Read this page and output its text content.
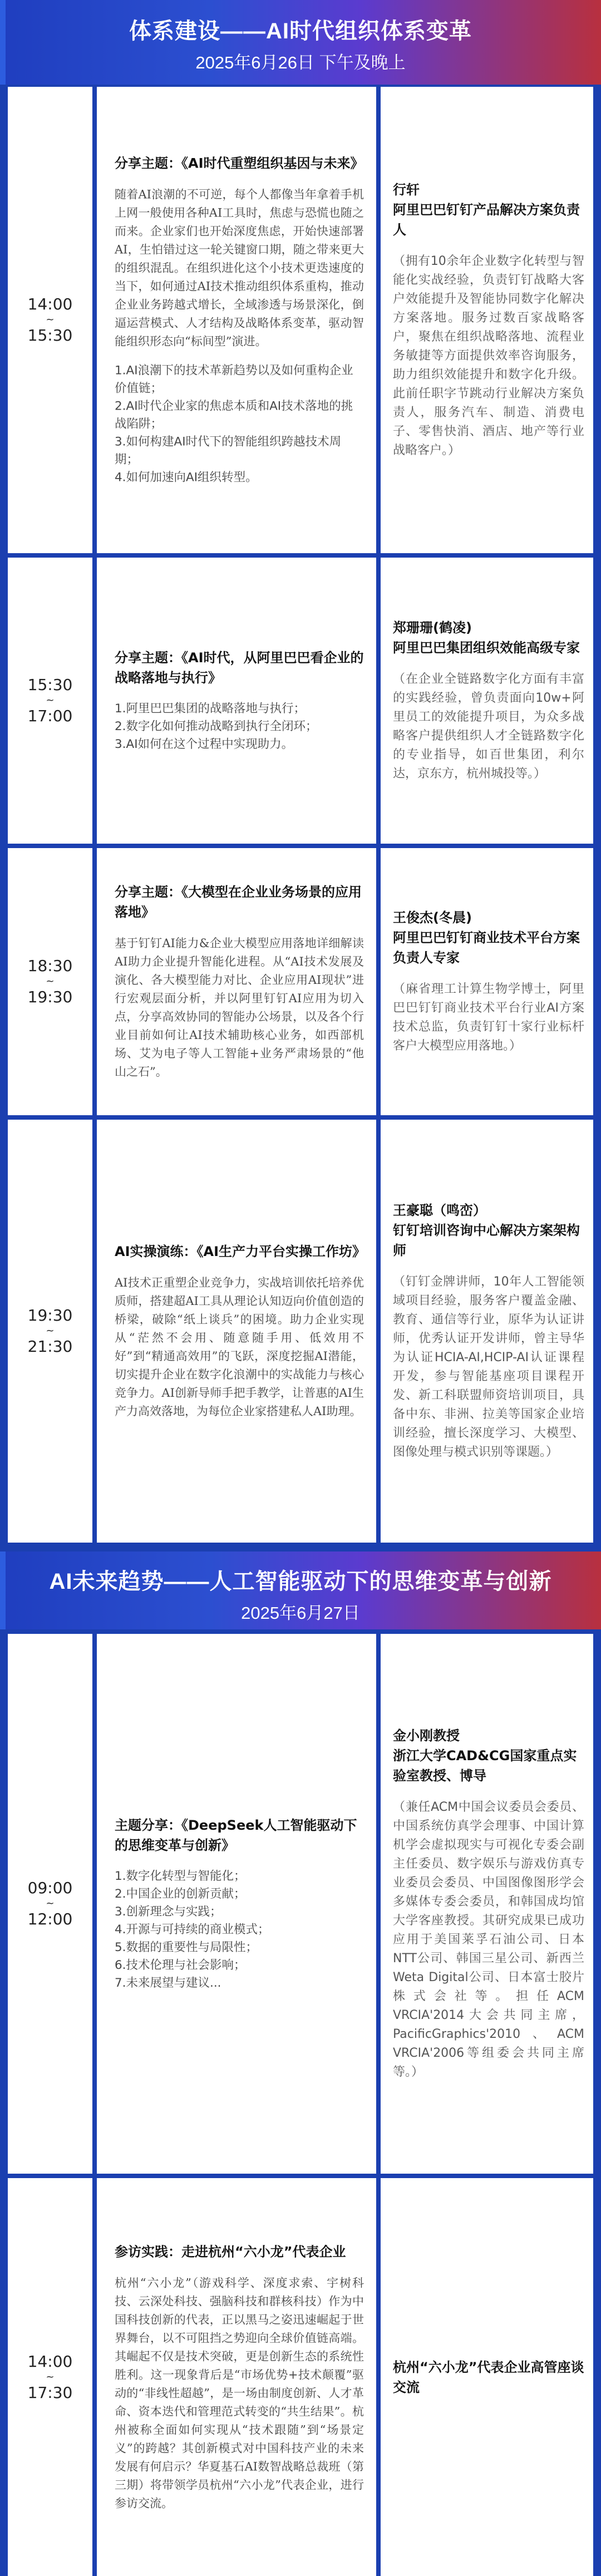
体系建设——AI时代组织体系变革
2025年6月26日 下午及晚上
14:00
~
15:30

分享主题：《AI时代重塑组织基因与未来》

随着AI浪潮的不可逆，每个人都像当年拿着手机上网一般使用各种AI工具时，焦虑与恐慌也随之而来。企业家们也开始深度焦虑，开始快速部署AI，生怕错过这一轮关键窗口期，随之带来更大的组织混乱。在组织进化这个小技术更迭速度的当下，如何通过AI技术推动组织体系重构，推动企业业务跨越式增长，全域渗透与场景深化，倒逼运营模式、人才结构及战略体系变革，驱动智能组织形态向“标间型”演进。

1.AI浪潮下的技术革新趋势以及如何重构企业价值链；
2.AI时代企业家的焦虑本质和AI技术落地的挑战陷阱；
3.如何构建AI时代下的智能组织跨越技术周期；
4.如何加速向AI组织转型。
行轩
阿里巴巴钉钉产品解决方案负责人
（拥有10余年企业数字化转型与智能化实战经验，负责钉钉战略大客户效能提升及智能协同数字化解决方案落地。服务过数百家战略客户，聚焦在组织战略落地、流程业务敏捷等方面提供效率咨询服务，助力组织效能提升和数字化升级。此前任职字节跳动行业解决方案负责人，服务汽车、制造、消费电子、零售快消、酒店、地产等行业战略客户。）
15:30
~
17:00

分享主题：《AI时代，从阿里巴巴看企业的战略落地与执行》

1.阿里巴巴集团的战略落地与执行；
2.数字化如何推动战略到执行全闭环；
3.AI如何在这个过程中实现助力。
郑珊珊(鹤凌)
阿里巴巴集团组织效能高级专家
（在企业全链路数字化方面有丰富的实践经验，曾负责面向10w+阿里员工的效能提升项目，为众多战略客户提供组织人才全链路数字化的专业指导，如百世集团，利尔达，京东方，杭州城投等。）
18:30
~
19:30

分享主题：《大模型在企业业务场景的应用落地》

基于钉钉AI能力&企业大模型应用落地详细解读AI助力企业提升智能化进程。从“AI技术发展及演化、各大模型能力对比、企业应用AI现状”进行宏观层面分析，并以阿里钉钉AI应用为切入点，分享高效协同的智能办公场景，以及各个行业目前如何让AI技术辅助核心业务，如西部机场、艾为电子等人工智能+业务严肃场景的“他山之石”。

王俊杰(冬晨)
阿里巴巴钉钉商业技术平台方案负责人专家
（麻省理工计算生物学博士，阿里巴巴钉钉商业技术平台行业AI方案技术总监，负责钉钉十家行业标杆客户大模型应用落地。）
19:30
~
21:30

AI实操演练：《AI生产力平台实操工作坊》

AI技术正重塑企业竞争力，实战培训依托培养优质师，搭建超AI工具从理论认知迈向价值创造的桥梁，破除“纸上谈兵”的困境。助力企业实现从“茫然不会用、随意随手用、低效用不好”到“精通高效用”的飞跃，深度挖掘AI潜能，切实提升企业在数字化浪潮中的实战能力与核心竞争力。AI创新导师手把手教学，让普惠的AI生产力高效落地，为每位企业家搭建私人AI助理。

王豪聪（鸣峦）
钉钉培训咨询中心解决方案架构师
（钉钉金牌讲师，10年人工智能领域项目经验，服务客户覆盖金融、教育、通信等行业，原华为认证讲师，优秀认证开发讲师，曾主导华为认证HCIA-AI,HCIP-AI认证课程开发，参与智能基座项目课程开发、新工科联盟师资培训项目，具备中东、非洲、拉美等国家企业培训经验，擅长深度学习、大模型、图像处理与模式识别等课题。）
AI未来趋势——人工智能驱动下的思维变革与创新
2025年6月27日
09:00
~
12:00

主题分享：《DeepSeek人工智能驱动下的思维变革与创新》

1.数字化转型与智能化；
2.中国企业的创新贡献；
3.创新理念与实践；
4.开源与可持续的商业模式；
5.数据的重要性与局限性；
6.技术伦理与社会影响；
7.未来展望与建议...
金小刚教授
浙江大学CAD&CG国家重点实验室教授、博导
（兼任ACM中国会议委员会委员、中国系统仿真学会理事、中国计算机学会虚拟现实与可视化专委会副主任委员、数字娱乐与游戏仿真专业委员会委员、中国图像图形学会多媒体专委会委员，和韩国成均馆大学客座教授。其研究成果已成功应用于美国莱孚石油公司、日本NTT公司、韩国三星公司、新西兰Weta Digital公司、日本富士胶片株式会社等。担任ACM VRCIA'2014大会共同主席，PacificGraphics'2010、ACM VRCIA'2006等组委会共同主席等。）
14:00
~
17:30

参访实践：走进杭州“六小龙”代表企业

杭州“六小龙”（游戏科学、深度求索、宇树科技、云深处科技、强脑科技和群核科技）作为中国科技创新的代表，正以黑马之姿迅速崛起于世界舞台，以不可阻挡之势迎向全球价值链高端。其崛起不仅是技术突破，更是创新生态的系统性胜利。这一现象背后是“市场优势+技术颠覆”驱动的“非线性超越”，是一场由制度创新、人才革命、资本迭代和管理范式转变的“共生结果”。杭州被称全面如何实现从“技术跟随”到“场景定义”的跨越？其创新模式对中国科技产业的未来发展有何启示？华夏基石AI数智战略总裁班（第三期）将带领学员杭州“六小龙”代表企业，进行参访交流。

杭州“六小龙”代表企业高管座谈交流
